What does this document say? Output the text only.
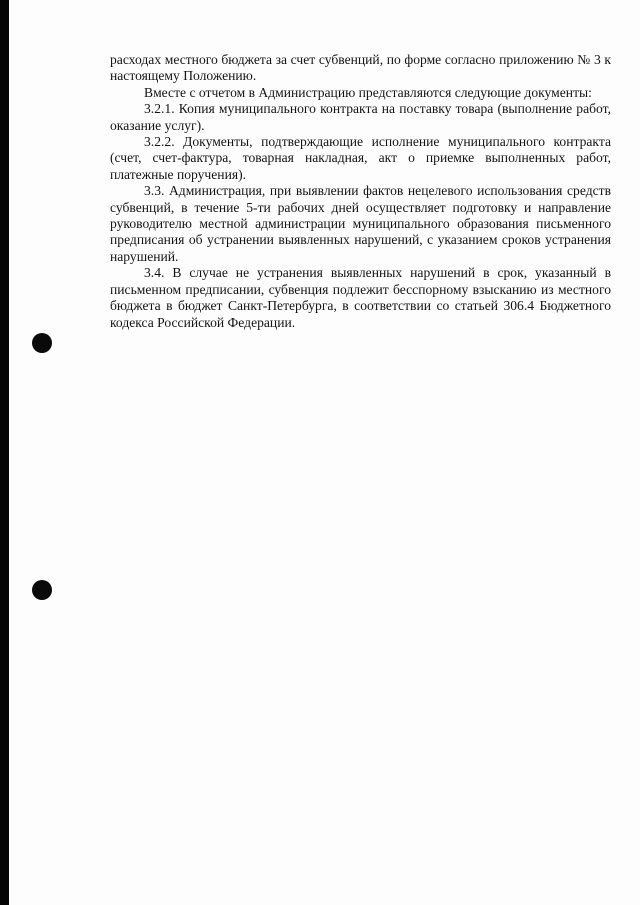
расходах местного бюджета за счет субвенций, по форме согласно приложению № 3 к настоящему Положению.

Вместе с отчетом в Администрацию представляются следующие документы:

3.2.1. Копия муниципального контракта на поставку товара (выполнение работ, оказание услуг).

3.2.2. Документы, подтверждающие исполнение муниципального контракта (счет, счет-фактура, товарная накладная, акт о приемке выполненных работ, платежные поручения).

3.3. Администрация, при выявлении фактов нецелевого использования средств субвенций, в течение 5-ти рабочих дней осуществляет подготовку и направление руководителю местной администрации муниципального образования письменного предписания об устранении выявленных нарушений, с указанием сроков устранения нарушений.

3.4. В случае не устранения выявленных нарушений в срок, указанный в письменном предписании, субвенция подлежит бесспорному взысканию из местного бюджета в бюджет Санкт-Петербурга, в соответствии со статьей 306.4 Бюджетного кодекса Российской Федерации.
